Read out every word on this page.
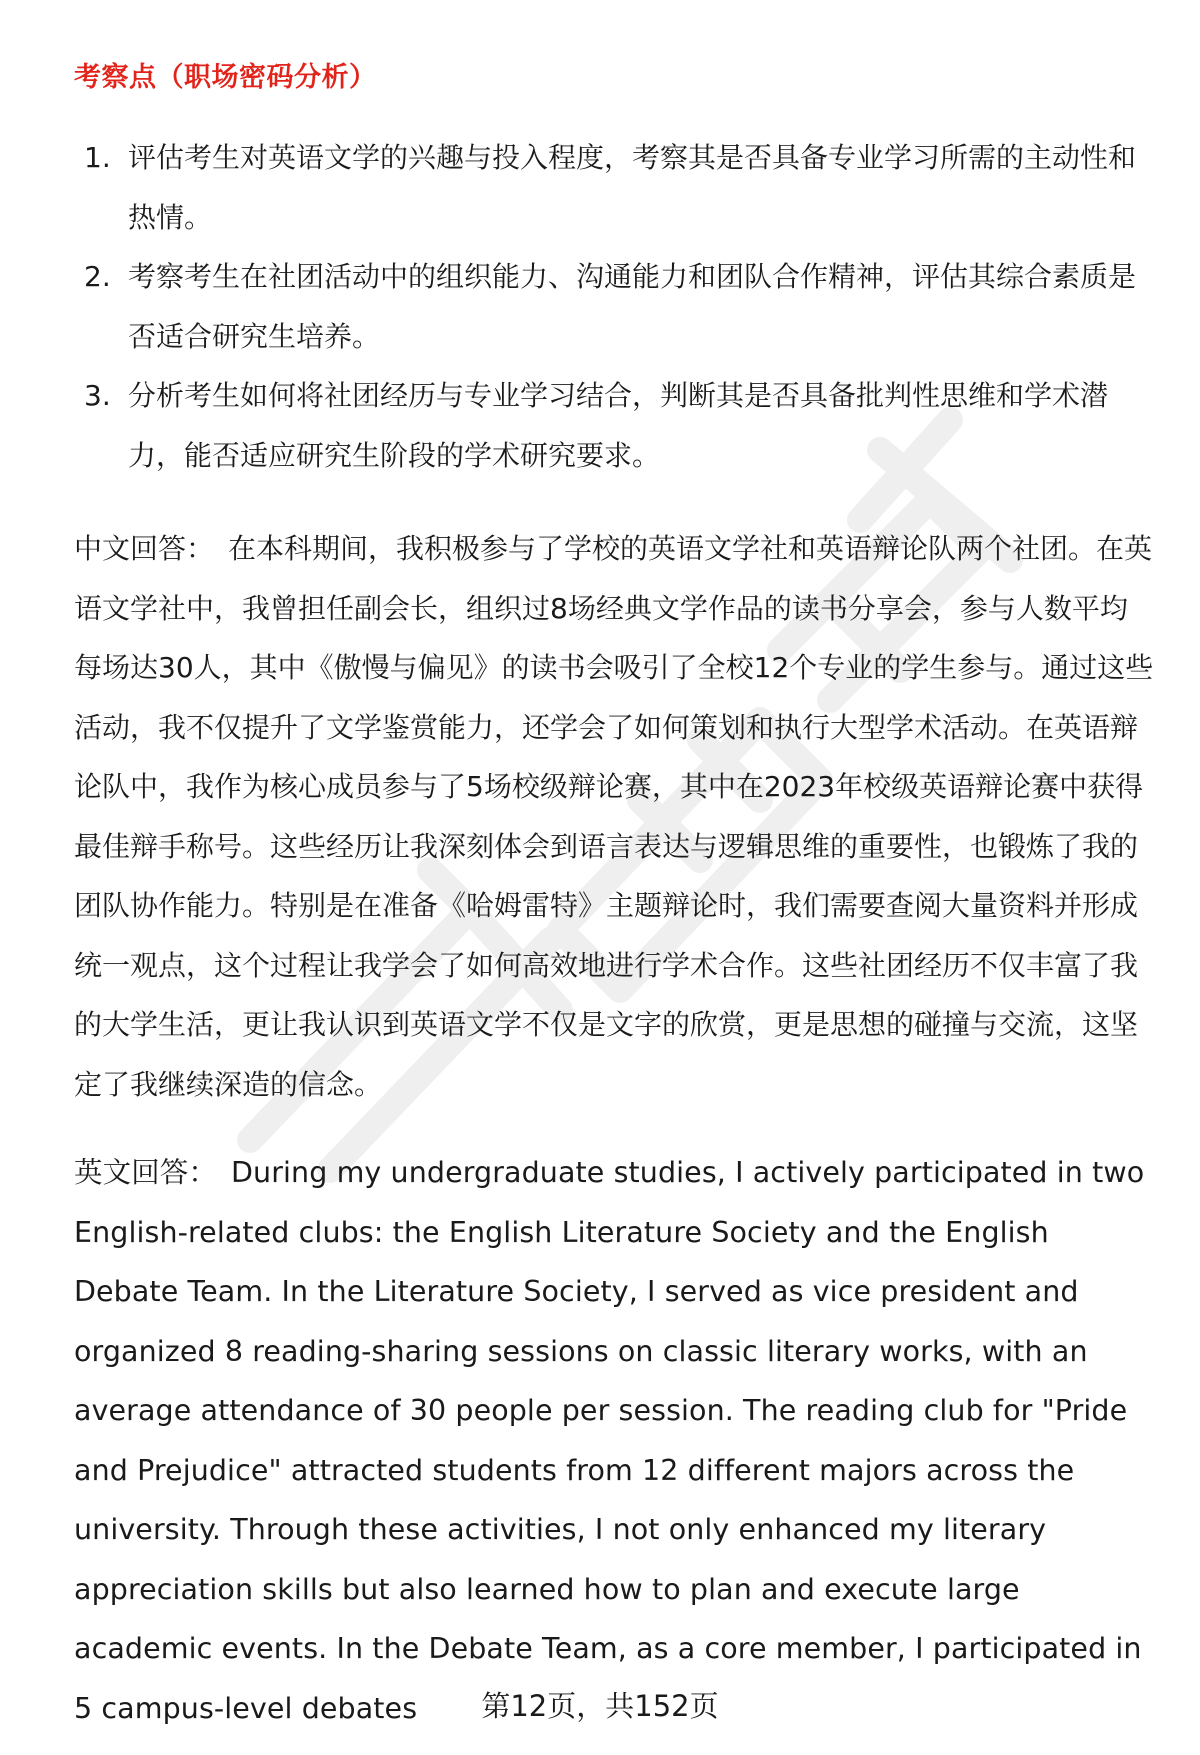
考察点（职场密码分析）
1. 评估考生对英语文学的兴趣与投入程度，考察其是否具备专业学习所需的主动性和热情。
2. 考察考生在社团活动中的组织能力、沟通能力和团队合作精神，评估其综合素质是否适合研究生培养。
3. 分析考生如何将社团经历与专业学习结合，判断其是否具备批判性思维和学术潜力，能否适应研究生阶段的学术研究要求。

中文回答： 在本科期间，我积极参与了学校的英语文学社和英语辩论队两个社团。在英语文学社中，我曾担任副会长，组织过8场经典文学作品的读书分享会，参与人数平均每场达30人，其中《傲慢与偏见》的读书会吸引了全校12个专业的学生参与。通过这些活动，我不仅提升了文学鉴赏能力，还学会了如何策划和执行大型学术活动。在英语辩论队中，我作为核心成员参与了5场校级辩论赛，其中在2023年校级英语辩论赛中获得最佳辩手称号。这些经历让我深刻体会到语言表达与逻辑思维的重要性，也锻炼了我的团队协作能力。特别是在准备《哈姆雷特》主题辩论时，我们需要查阅大量资料并形成统一观点，这个过程让我学会了如何高效地进行学术合作。这些社团经历不仅丰富了我的大学生活，更让我认识到英语文学不仅是文字的欣赏，更是思想的碰撞与交流，这坚定了我继续深造的信念。

英文回答： During my undergraduate studies, I actively participated in two English-related clubs: the English Literature Society and the English Debate Team. In the Literature Society, I served as vice president and organized 8 reading-sharing sessions on classic literary works, with an average attendance of 30 people per session. The reading club for "Pride and Prejudice" attracted students from 12 different majors across the university. Through these activities, I not only enhanced my literary appreciation skills but also learned how to plan and execute large academic events. In the Debate Team, as a core member, I participated in 5 campus-level debates	第12页，共152页
